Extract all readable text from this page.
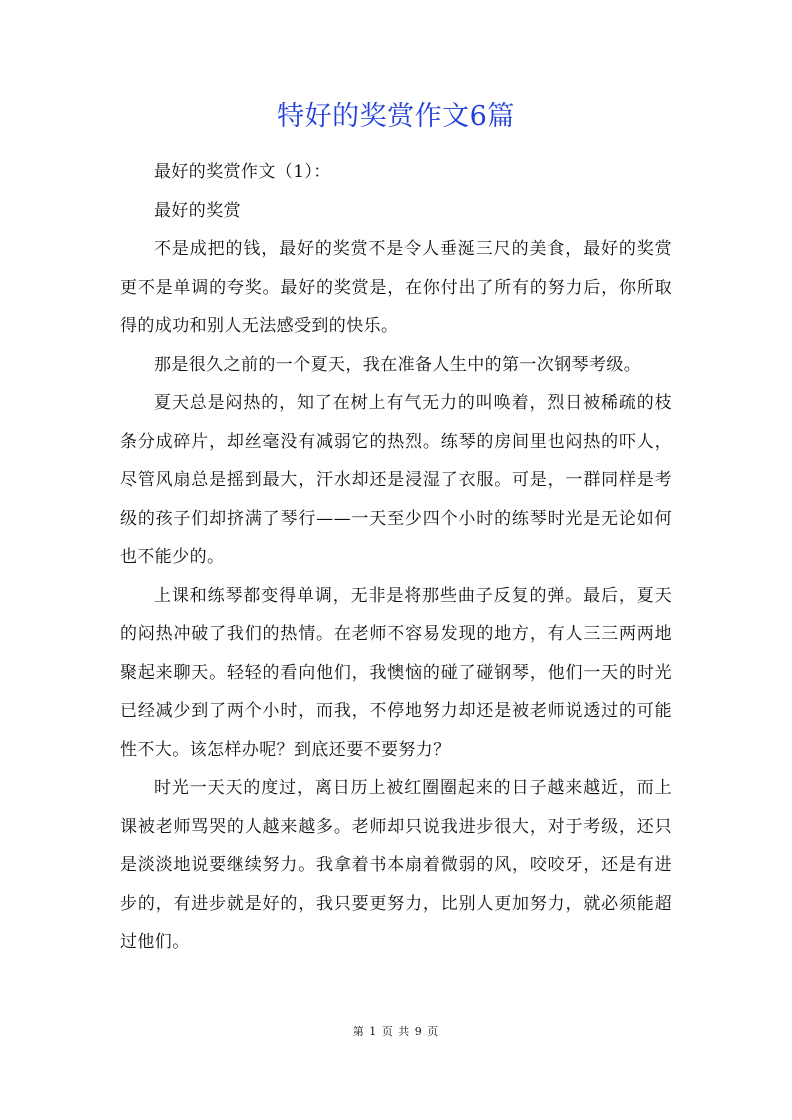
特好的奖赏作文6篇

最好的奖赏作文（1）：

最好的奖赏

不是成把的钱，最好的奖赏不是令人垂涎三尺的美食，最好的奖赏更不是单调的夸奖。最好的奖赏是，在你付出了所有的努力后，你所取得的成功和别人无法感受到的快乐。

那是很久之前的一个夏天，我在准备人生中的第一次钢琴考级。

夏天总是闷热的，知了在树上有气无力的叫唤着，烈日被稀疏的枝条分成碎片，却丝毫没有减弱它的热烈。练琴的房间里也闷热的吓人，尽管风扇总是摇到最大，汗水却还是浸湿了衣服。可是，一群同样是考级的孩子们却挤满了琴行——一天至少四个小时的练琴时光是无论如何也不能少的。

上课和练琴都变得单调，无非是将那些曲子反复的弹。最后，夏天的闷热冲破了我们的热情。在老师不容易发现的地方，有人三三两两地聚起来聊天。轻轻的看向他们，我懊恼的碰了碰钢琴，他们一天的时光已经减少到了两个小时，而我，不停地努力却还是被老师说透过的可能性不大。该怎样办呢？到底还要不要努力？

时光一天天的度过，离日历上被红圈圈起来的日子越来越近，而上课被老师骂哭的人越来越多。老师却只说我进步很大，对于考级，还只是淡淡地说要继续努力。我拿着书本扇着微弱的风，咬咬牙，还是有进步的，有进步就是好的，我只要更努力，比别人更加努力，就必须能超过他们。

第 1 页 共 9 页
